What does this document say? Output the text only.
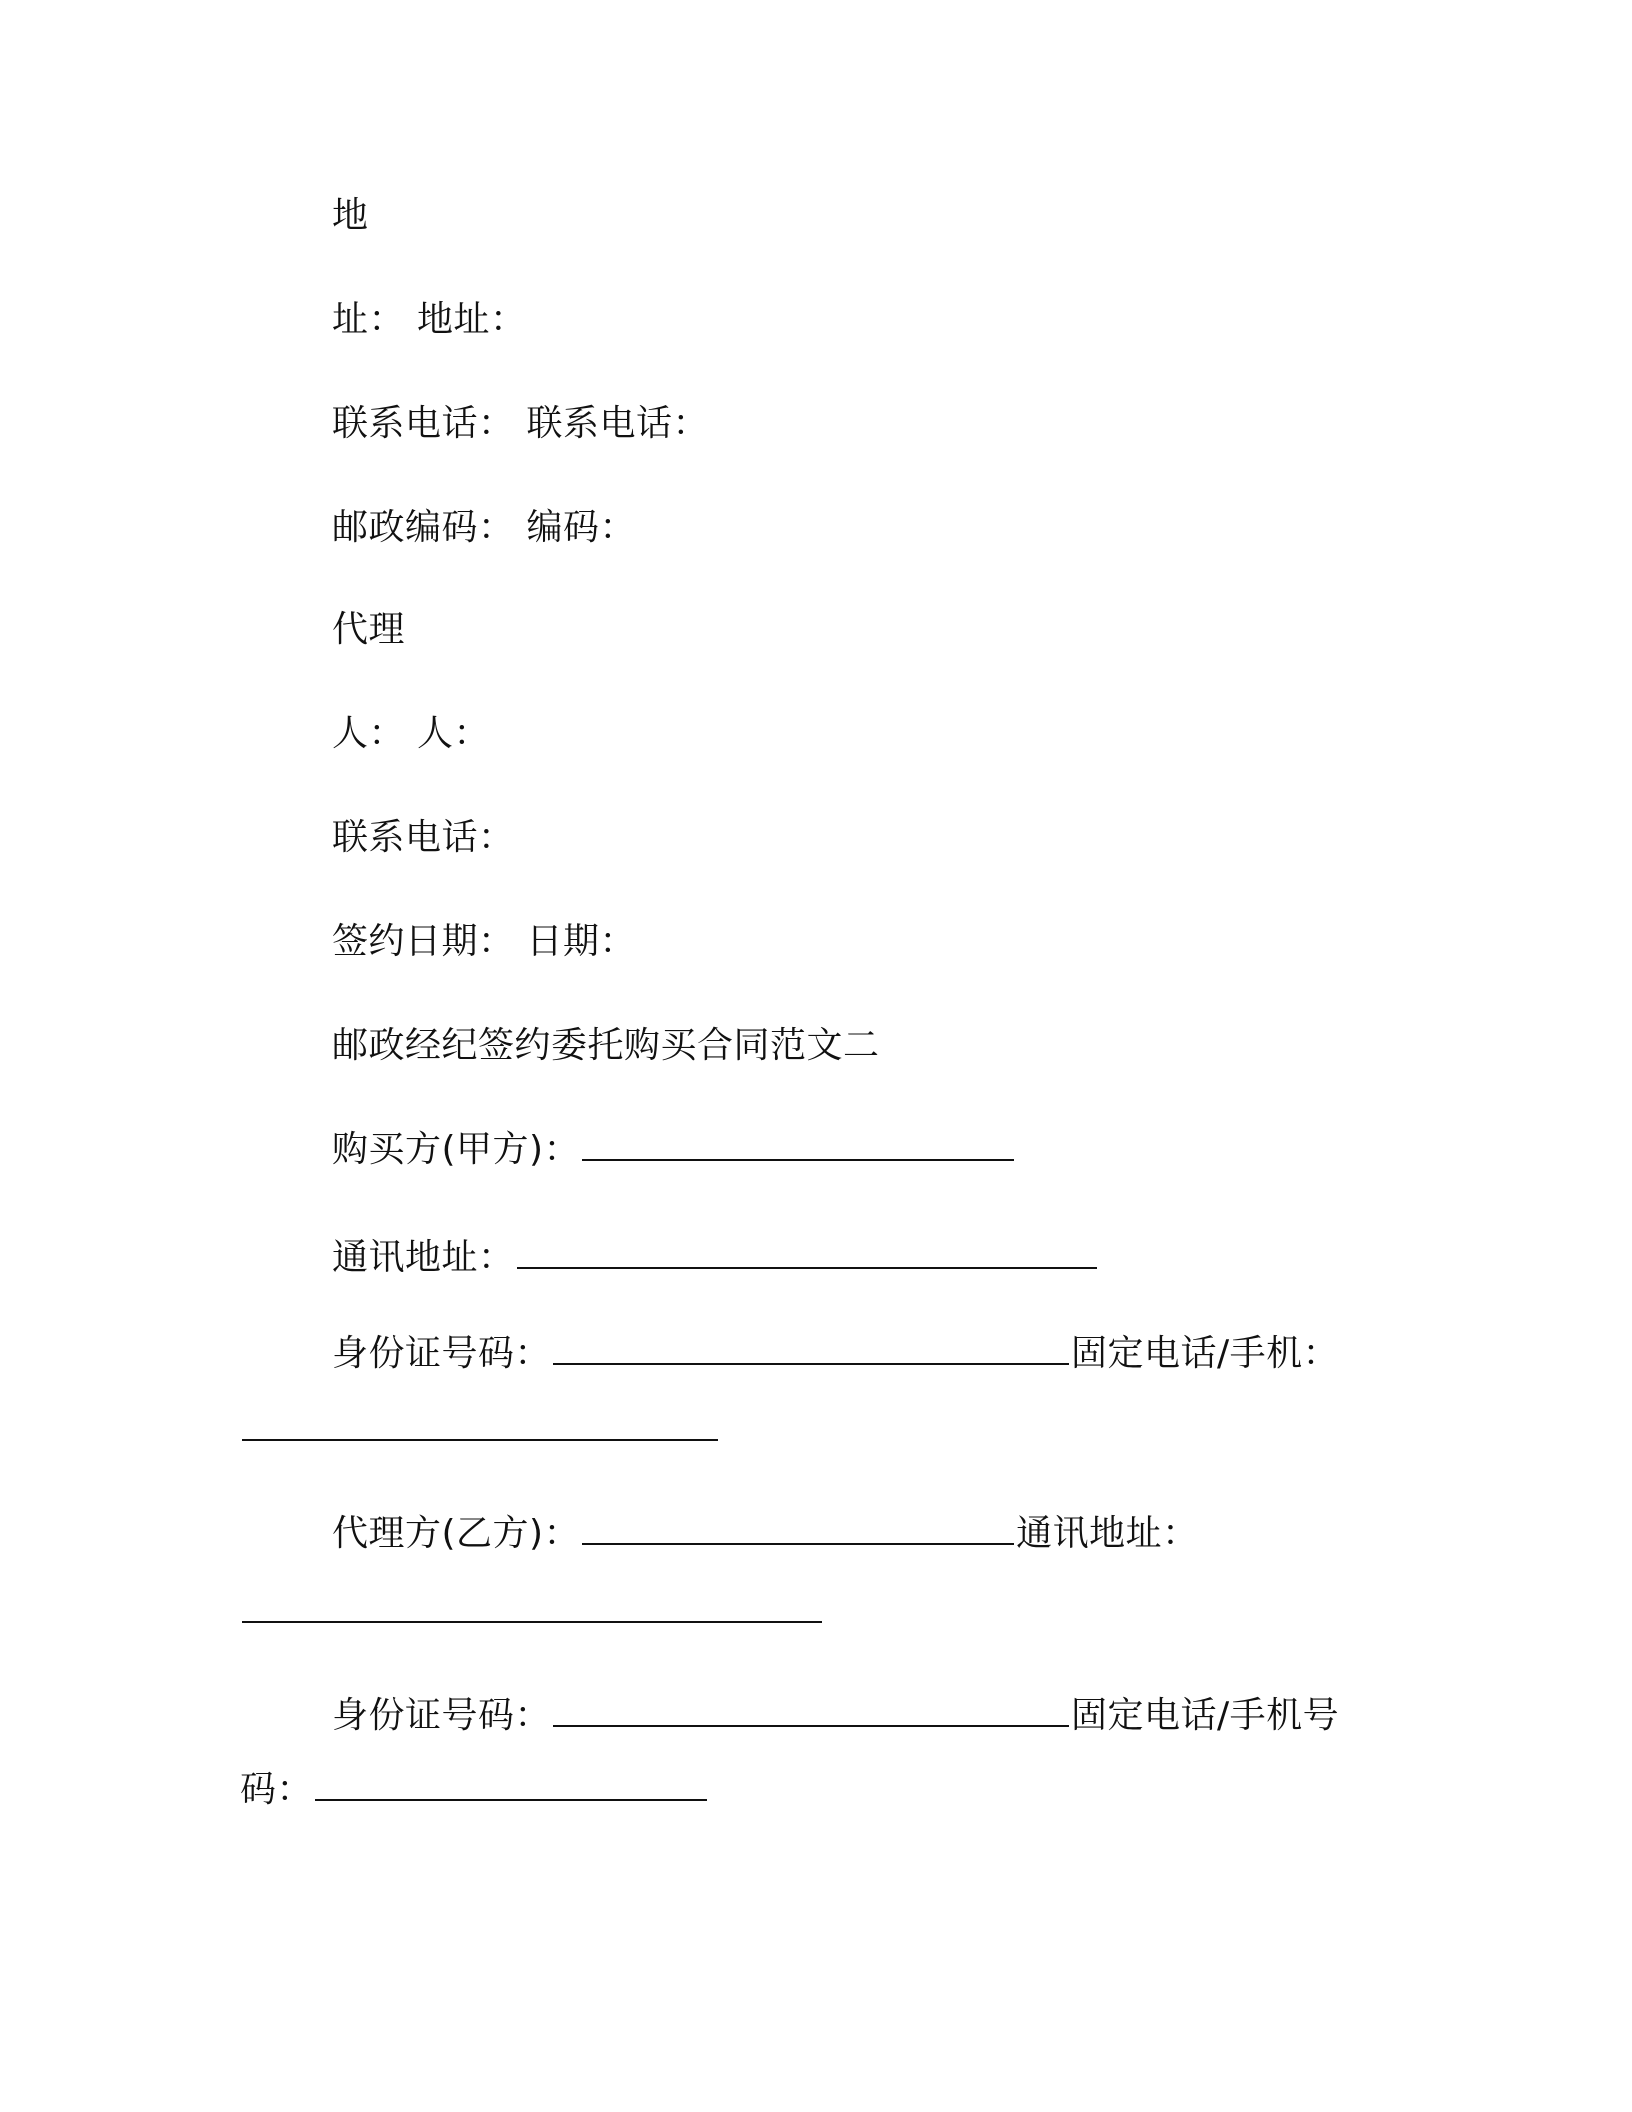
地
址： 地址：
联系电话： 联系电话：
邮政编码： 编码：
代理
人： 人：
联系电话：
签约日期： 日期：
邮政经纪签约委托购买合同范文二
购买方(甲方)：
通讯地址：
身份证号码：	固定电话/手机：
代理方(乙方)：	通讯地址：
身份证号码：	固定电话/手机号
码：
